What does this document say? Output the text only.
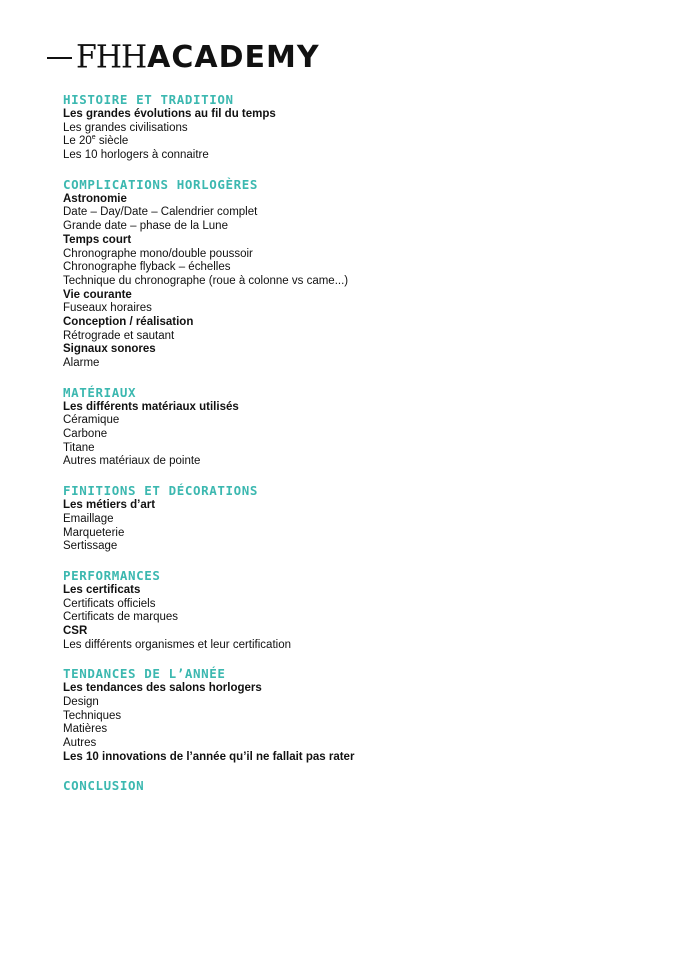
FHH ACADEMY
HISTOIRE ET TRADITION
Les grandes évolutions au fil du temps
Les grandes civilisations
Le 20e siècle
Les 10 horlogers à connaitre
COMPLICATIONS HORLOGÈRES
Astronomie
Date – Day/Date – Calendrier complet
Grande date – phase de la Lune
Temps court
Chronographe mono/double poussoir
Chronographe flyback – échelles
Technique du chronographe (roue à colonne vs came...)
Vie courante
Fuseaux horaires
Conception / réalisation
Rétrograde et sautant
Signaux sonores
Alarme
MATÉRIAUX
Les différents matériaux utilisés
Céramique
Carbone
Titane
Autres matériaux de pointe
FINITIONS ET DÉCORATIONS
Les métiers d’art
Emaillage
Marqueterie
Sertissage
PERFORMANCES
Les certificats
Certificats officiels
Certificats de marques
CSR
Les différents organismes et leur certification
TENDANCES DE L’ANNÉE
Les tendances des salons horlogers
Design
Techniques
Matières
Autres
Les 10 innovations de l’année qu’il ne fallait pas rater
CONCLUSION
